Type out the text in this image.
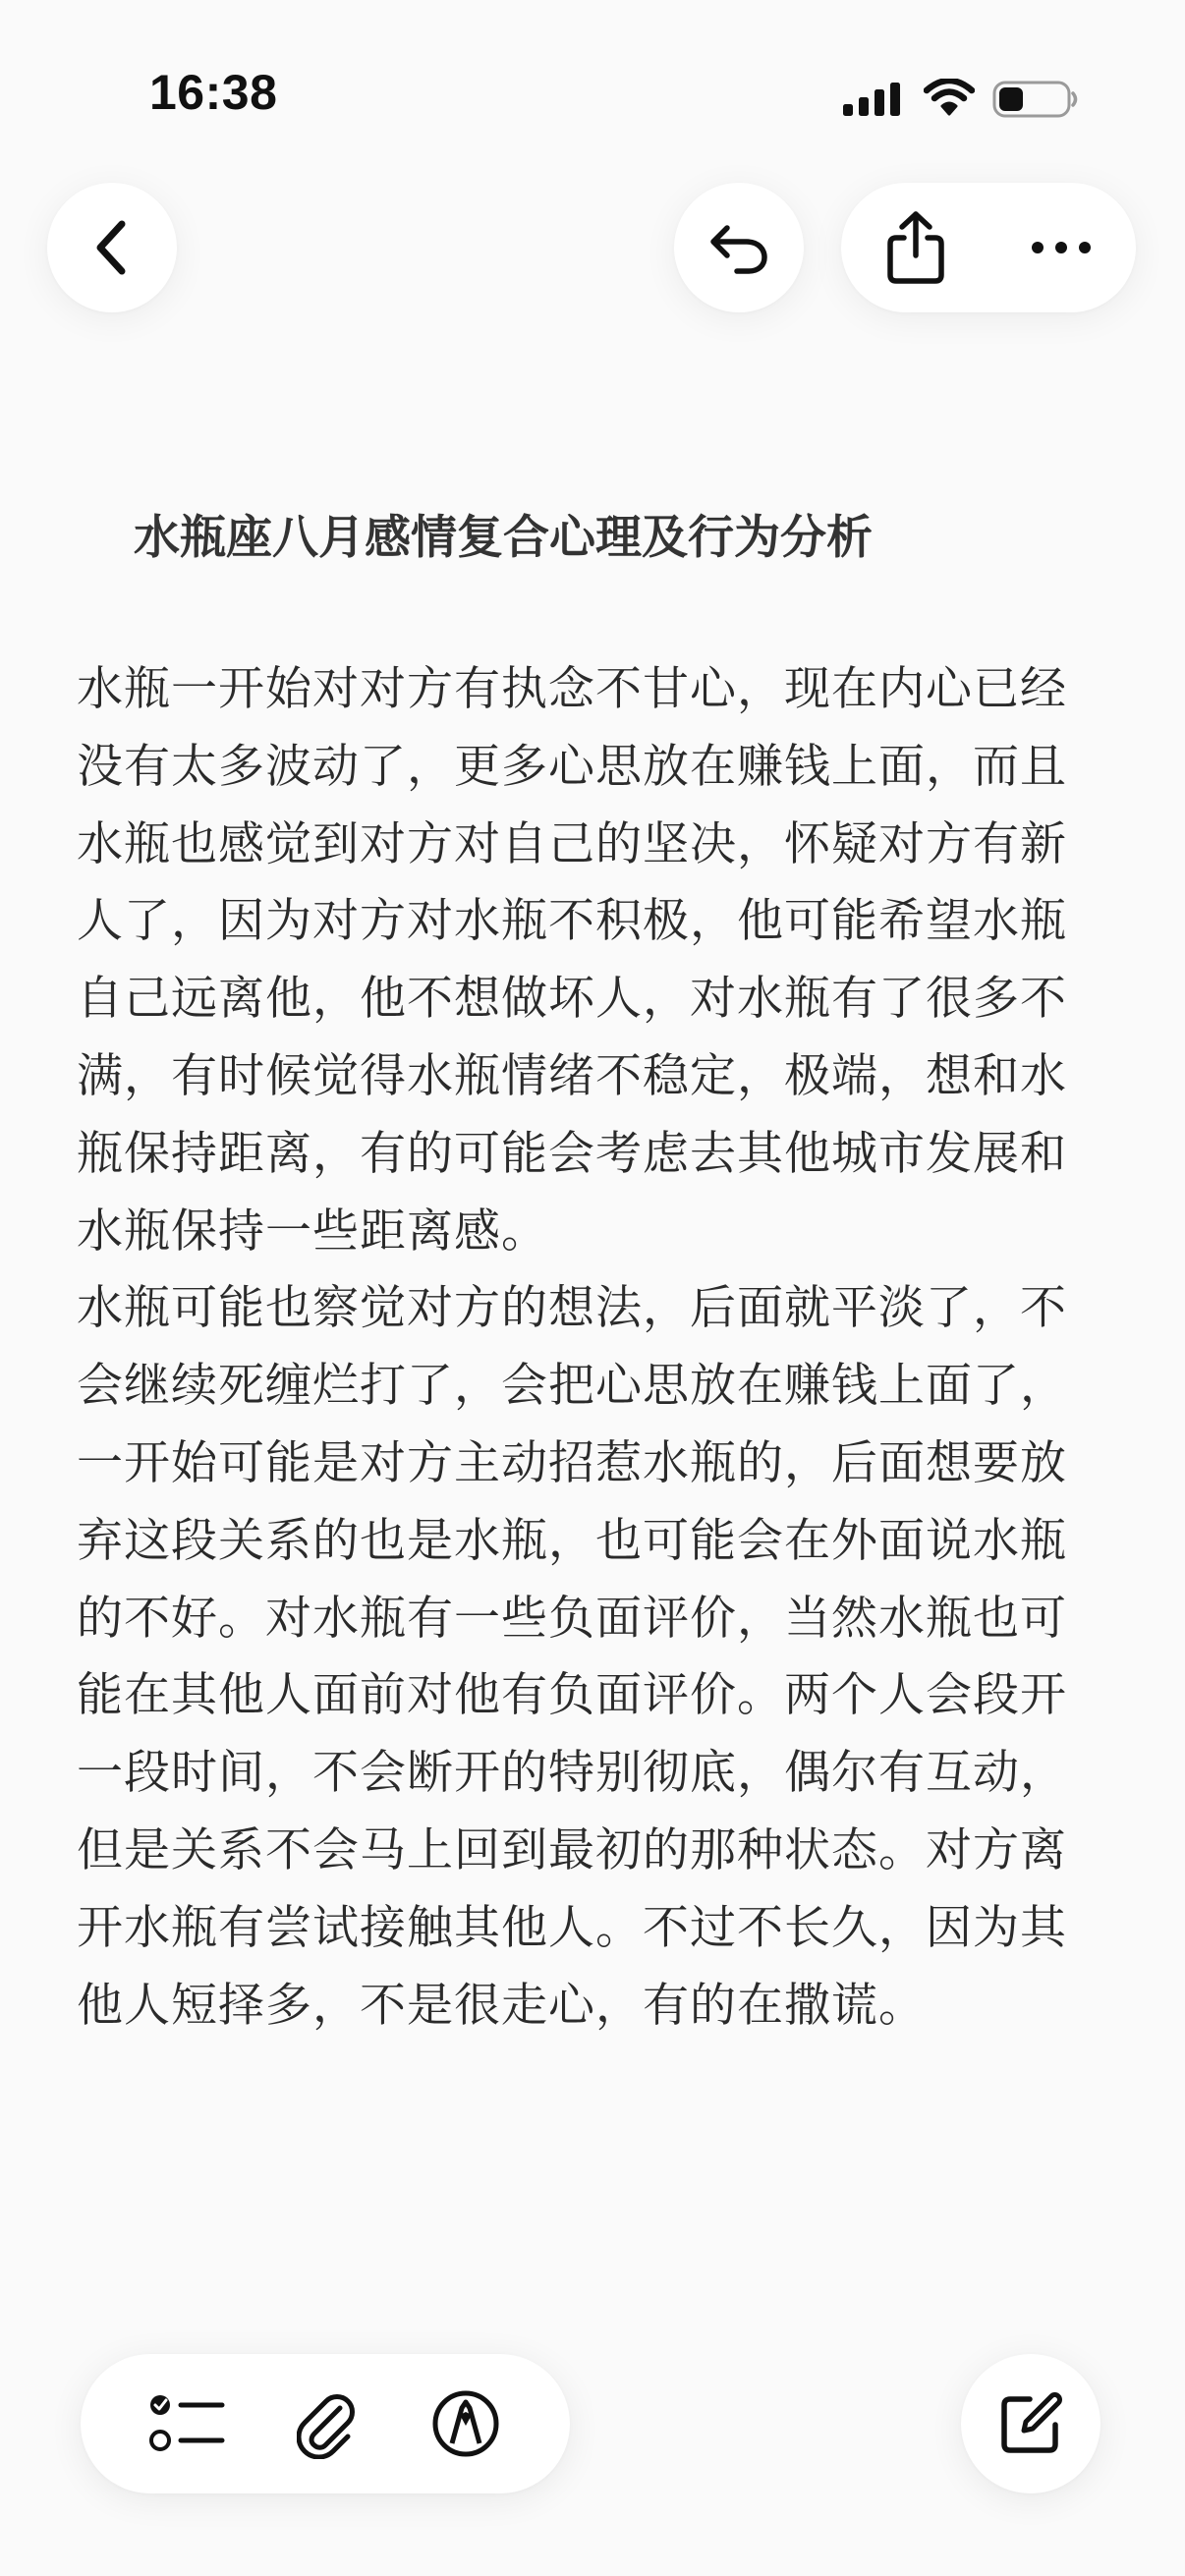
16:38
水瓶座八月感情复合心理及行为分析

水瓶一开始对对方有执念不甘心，现在内心已经没有太多波动了，更多心思放在赚钱上面，而且水瓶也感觉到对方对自己的坚决，怀疑对方有新人了，因为对方对水瓶不积极，他可能希望水瓶自己远离他，他不想做坏人，对水瓶有了很多不满，有时候觉得水瓶情绪不稳定，极端，想和水瓶保持距离，有的可能会考虑去其他城市发展和水瓶保持一些距离感。

水瓶可能也察觉对方的想法，后面就平淡了，不会继续死缠烂打了，会把心思放在赚钱上面了，一开始可能是对方主动招惹水瓶的，后面想要放弃这段关系的也是水瓶，也可能会在外面说水瓶的不好。对水瓶有一些负面评价，当然水瓶也可能在其他人面前对他有负面评价。两个人会段开一段时间，不会断开的特别彻底，偶尔有互动，但是关系不会马上回到最初的那种状态。对方离开水瓶有尝试接触其他人。不过不长久，因为其他人短择多，不是很走心，有的在撒谎。
